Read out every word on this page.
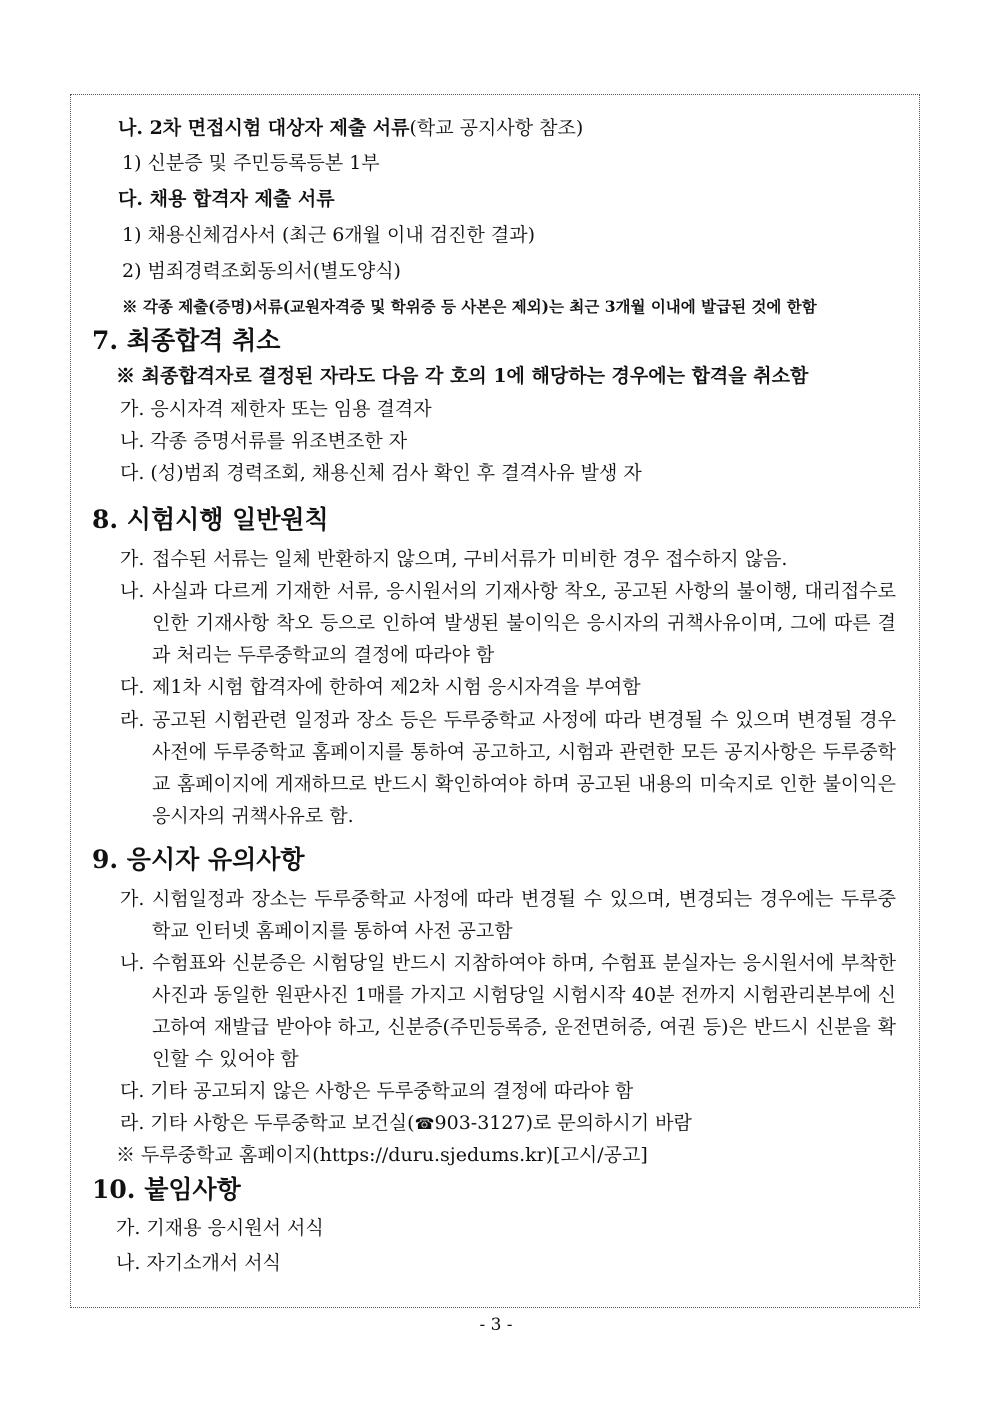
나. 2차 면접시험 대상자 제출 서류(학교 공지사항 참조)
1) 신분증 및 주민등록등본 1부
다. 채용 합격자 제출 서류
1) 채용신체검사서 (최근 6개월 이내 검진한 결과)
2) 범죄경력조회동의서(별도양식)
※ 각종 제출(증명)서류(교원자격증 및 학위증 등 사본은 제외)는 최근 3개월 이내에 발급된 것에 한함
7. 최종합격 취소
※ 최종합격자로 결정된 자라도 다음 각 호의 1에 해당하는 경우에는 합격을 취소함
가. 응시자격 제한자 또는 임용 결격자
나. 각종 증명서류를 위조변조한 자
다. (성)범죄 경력조회, 채용신체 검사 확인 후 결격사유 발생 자
8. 시험시행 일반원칙
가. 접수된 서류는 일체 반환하지 않으며, 구비서류가 미비한 경우 접수하지 않음.
나. 사실과 다르게 기재한 서류, 응시원서의 기재사항 착오, 공고된 사항의 불이행, 대리접수로 인한 기재사항 착오 등으로 인하여 발생된 불이익은 응시자의 귀책사유이며, 그에 따른 결과 처리는 두루중학교의 결정에 따라야 함
다. 제1차 시험 합격자에 한하여 제2차 시험 응시자격을 부여함
라. 공고된 시험관련 일정과 장소 등은 두루중학교 사정에 따라 변경될 수 있으며 변경될 경우 사전에 두루중학교 홈페이지를 통하여 공고하고, 시험과 관련한 모든 공지사항은 두루중학교 홈페이지에 게재하므로 반드시 확인하여야 하며 공고된 내용의 미숙지로 인한 불이익은 응시자의 귀책사유로 함.
9. 응시자 유의사항
가. 시험일정과 장소는 두루중학교 사정에 따라 변경될 수 있으며, 변경되는 경우에는 두루중학교 인터넷 홈페이지를 통하여 사전 공고함
나. 수험표와 신분증은 시험당일 반드시 지참하여야 하며, 수험표 분실자는 응시원서에 부착한 사진과 동일한 원판사진 1매를 가지고 시험당일 시험시작 40분 전까지 시험관리본부에 신고하여 재발급 받아야 하고, 신분증(주민등록증, 운전면허증, 여권 등)은 반드시 신분을 확인할 수 있어야 함
다. 기타 공고되지 않은 사항은 두루중학교의 결정에 따라야 함
라. 기타 사항은 두루중학교 보건실(☎903-3127)로 문의하시기 바람
※ 두루중학교 홈페이지(https://duru.sjedums.kr)[고시/공고]
10. 붙임사항
가. 기재용 응시원서 서식
나. 자기소개서 서식
- 3 -
